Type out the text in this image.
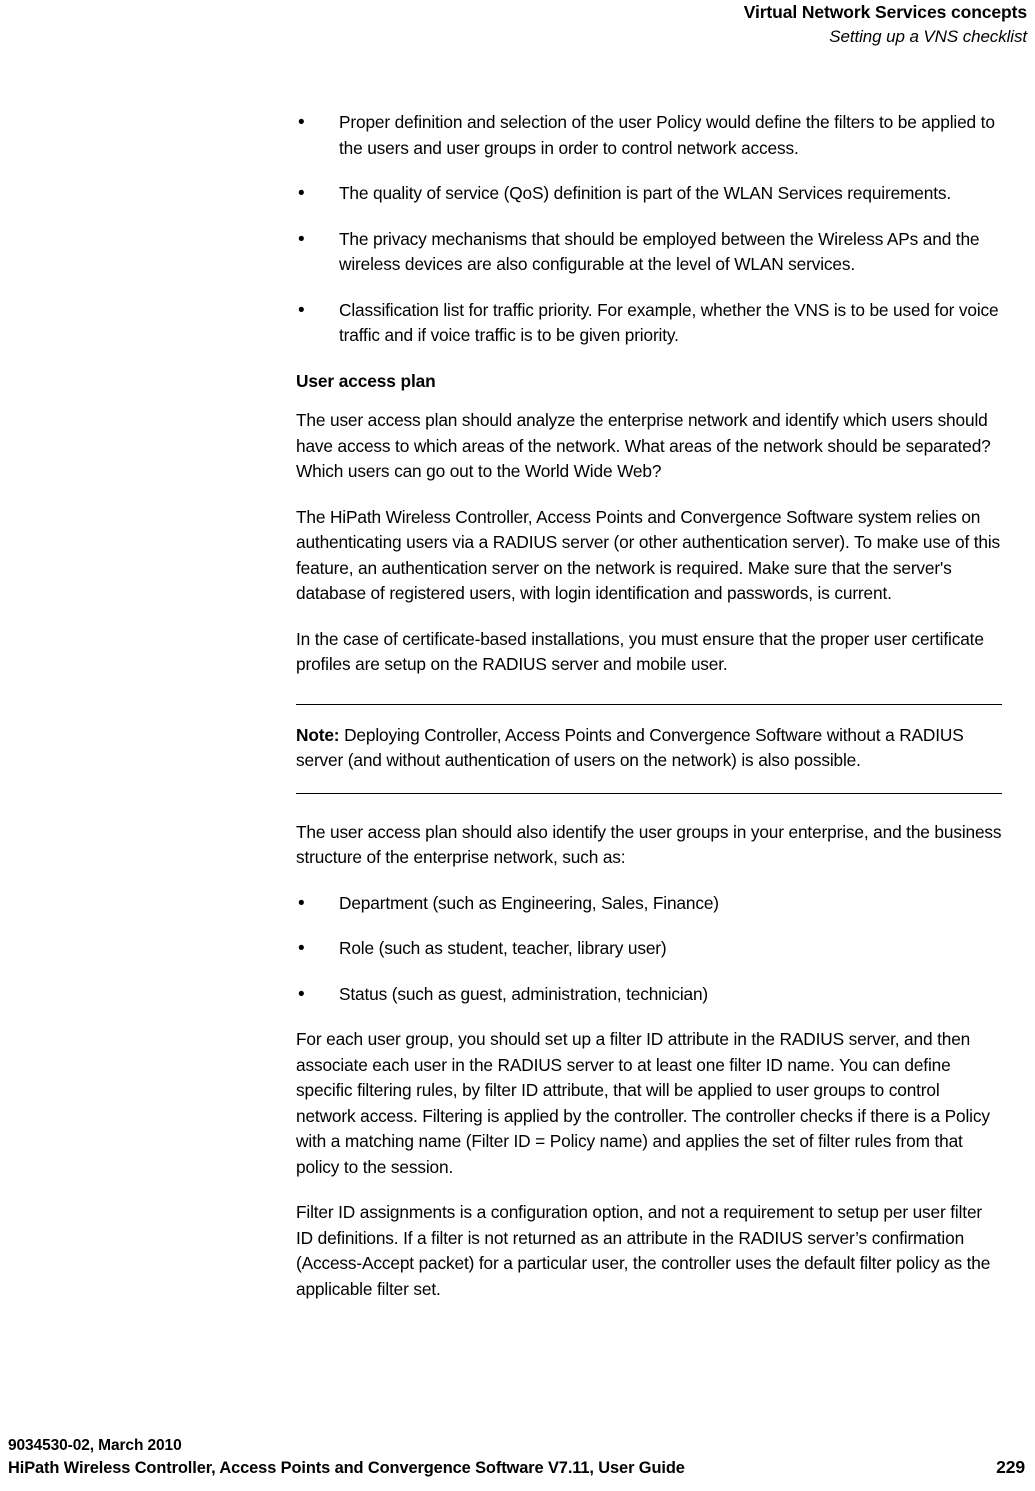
Virtual Network Services concepts
Setting up a VNS checklist
• Proper definition and selection of the user Policy would define the filters to be applied to the users and user groups in order to control network access.
• The quality of service (QoS) definition is part of the WLAN Services requirements.
• The privacy mechanisms that should be employed between the Wireless APs and the wireless devices are also configurable at the level of WLAN services.
• Classification list for traffic priority. For example, whether the VNS is to be used for voice traffic and if voice traffic is to be given priority.
User access plan

The user access plan should analyze the enterprise network and identify which users should have access to which areas of the network. What areas of the network should be separated? Which users can go out to the World Wide Web?

The HiPath Wireless Controller, Access Points and Convergence Software system relies on authenticating users via a RADIUS server (or other authentication server). To make use of this feature, an authentication server on the network is required. Make sure that the server's database of registered users, with login identification and passwords, is current.

In the case of certificate-based installations, you must ensure that the proper user certificate profiles are setup on the RADIUS server and mobile user.

Note: Deploying Controller, Access Points and Convergence Software without a RADIUS server (and without authentication of users on the network) is also possible.

The user access plan should also identify the user groups in your enterprise, and the business structure of the enterprise network, such as:

• Department (such as Engineering, Sales, Finance)
• Role (such as student, teacher, library user)
• Status (such as guest, administration, technician)

For each user group, you should set up a filter ID attribute in the RADIUS server, and then associate each user in the RADIUS server to at least one filter ID name. You can define specific filtering rules, by filter ID attribute, that will be applied to user groups to control network access. Filtering is applied by the controller. The controller checks if there is a Policy with a matching name (Filter ID = Policy name) and applies the set of filter rules from that policy to the session.

Filter ID assignments is a configuration option, and not a requirement to setup per user filter ID definitions. If a filter is not returned as an attribute in the RADIUS server’s confirmation (Access-Accept packet) for a particular user, the controller uses the default filter policy as the applicable filter set.

9034530-02, March 2010
HiPath Wireless Controller, Access Points and Convergence Software V7.11, User Guide	229
